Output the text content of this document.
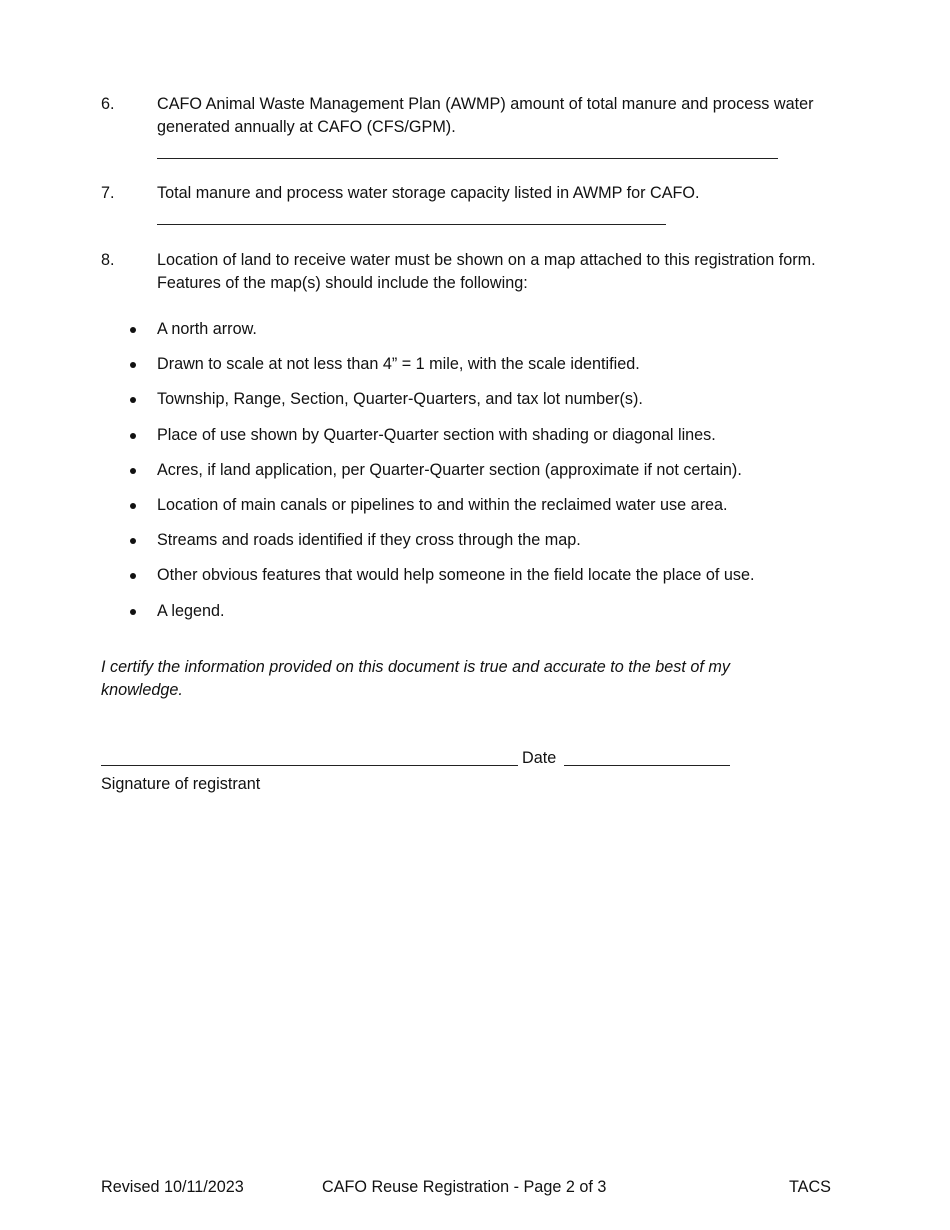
6.	CAFO Animal Waste Management Plan (AWMP) amount of total manure and process water generated annually at CAFO (CFS/GPM).
7.	Total manure and process water storage capacity listed in AWMP for CAFO.
8.	Location of land to receive water must be shown on a map attached to this registration form. Features of the map(s) should include the following:
A north arrow.
Drawn to scale at not less than 4” = 1 mile, with the scale identified.
Township, Range, Section, Quarter-Quarters, and tax lot number(s).
Place of use shown by Quarter-Quarter section with shading or diagonal lines.
Acres, if land application, per Quarter-Quarter section (approximate if not certain).
Location of main canals or pipelines to and within the reclaimed water use area.
Streams and roads identified if they cross through the map.
Other obvious features that would help someone in the field locate the place of use.
A legend.
I certify the information provided on this document is true and accurate to the best of my knowledge.
Date
Signature of registrant
Revised 10/11/2023	CAFO Reuse Registration - Page 2 of 3	TACS
